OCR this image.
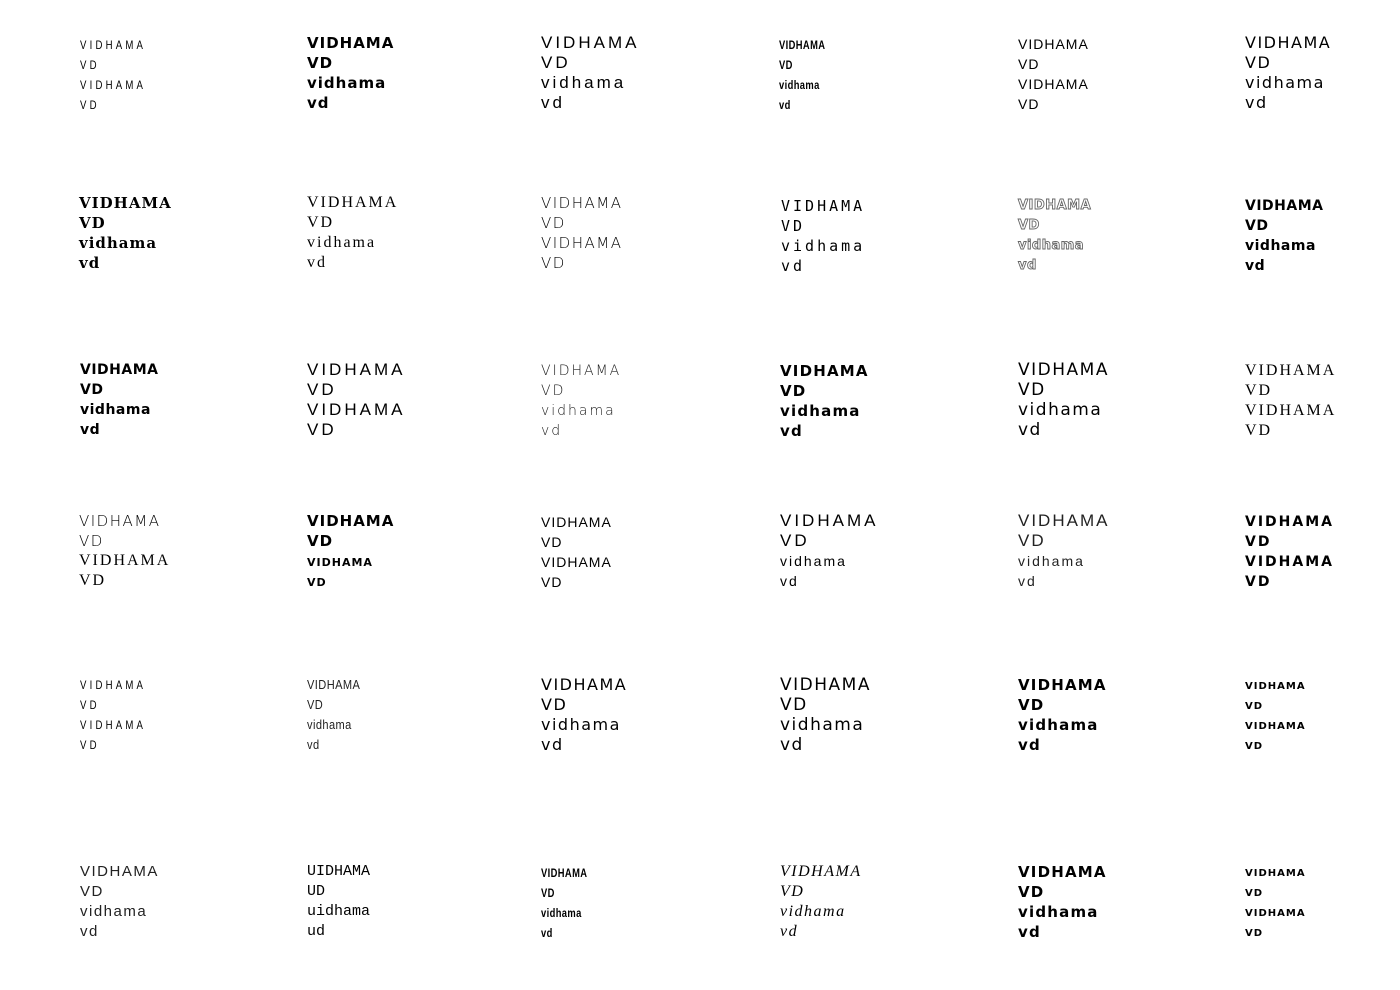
VIDHAMA
VD
VIDHAMA
VD
VIDHAMA
VD
vidhama
vd
VIDHAMA
VD
vidhama
vd
VIDHAMA
VD
vidhama
vd
VIDHAMA
VD
VIDHAMA
VD
VIDHAMA
VD
vidhama
vd
VIDHAMA
VD
vidhama
vd
VIDHAMA
VD
vidhama
vd
VIDHAMA
VD
VIDHAMA
VD
VIDHAMA
VD
vidhama
vd
VIDHAMA
VD
vidhama
vd
VIDHAMA
VD
vidhama
vd
VIDHAMA
VD
vidhama
vd
VIDHAMA
VD
VIDHAMA
VD
VIDHAMA
VD
vidhama
vd
VIDHAMA
VD
vidhama
vd
VIDHAMA
VD
vidhama
vd
VIDHAMA
VD
VIDHAMA
VD
VIDHAMA
VD
VIDHAMA
VD
VIDHAMA
VD
vidhama
vd
VIDHAMA
VD
VIDHAMA
VD
VIDHAMA
VD
vidhama
vd
VIDHAMA
VD
vidhama
vd
VIDHAMA
VD
VIDHAMA
VD
VIDHAMA
VD
VIDHAMA
VD
VIDHAMA
VD
vidhama
vd
VIDHAMA
VD
vidhama
vd
VIDHAMA
VD
vidhama
vd
VIDHAMA
VD
vidhama
vd
vidhama
vd
vidhama
vd
VIDHAMA
VD
vidhama
vd
UIDHAMA
UD
uidhama
ud
VIDHAMA
VD
vidhama
vd
VIDHAMA
VD
vidhama
vd
VIDHAMA
VD
vidhama
vd
vidhama
vd
vidhama
vd
